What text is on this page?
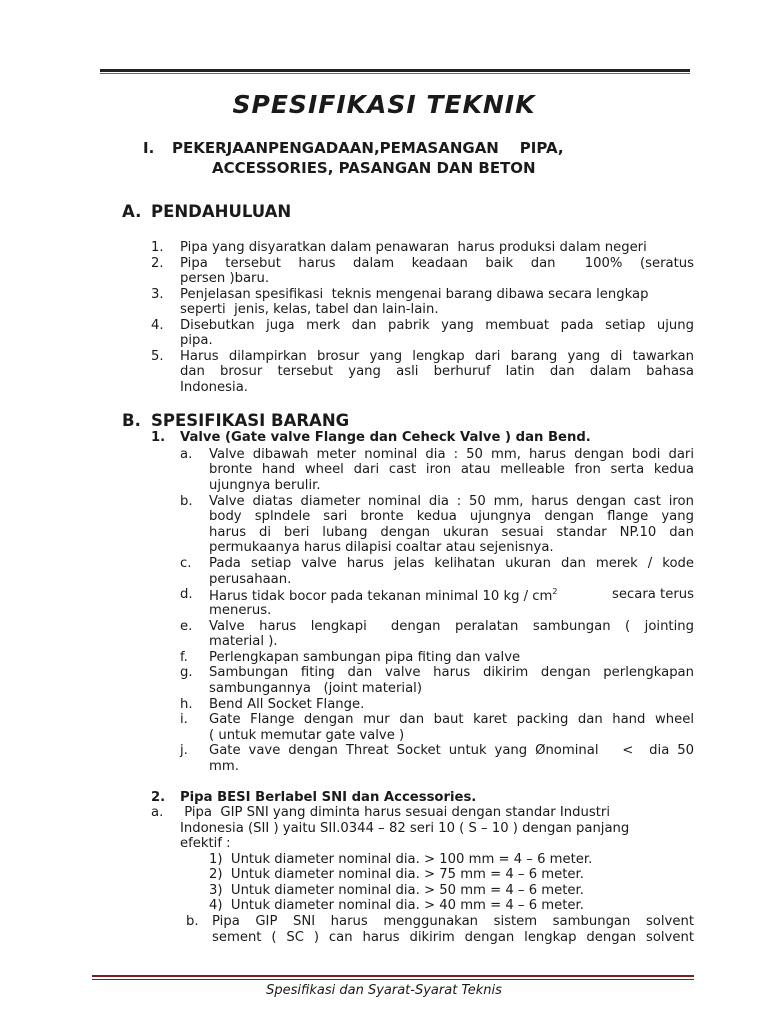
SPESIFIKASI TEKNIK
I. PEKERJAANPENGADAAN,PEMASANGAN    PIPA,
ACCESSORIES, PASANGAN DAN BETON
A. PENDAHULUAN
1. Pipa yang disyaratkan dalam penawaran  harus produksi dalam negeri
2. Pipa   tersebut   harus   dalam   keadaan   baik   dan     100%   (seratus
persen )baru.
3. Penjelasan spesifikasi  teknis mengenai barang dibawa secara lengkap
seperti  jenis, kelas, tabel dan lain-lain.
4. Disebutkan juga merk dan pabrik yang membuat pada setiap ujung
pipa.
5. Harus dilampirkan brosur yang lengkap dari barang yang di tawarkan
dan  brosur  tersebut  yang  asli  berhuruf  latin  dan  dalam  bahasa
Indonesia.
B. SPESIFIKASI BARANG
1. Valve (Gate valve Flange dan Ceheck Valve ) dan Bend.
a. Valve dibawah meter nominal dia : 50 mm, harus dengan bodi dari
bronte hand wheel dari cast iron atau melleable fron serta kedua
ujungnya berulir.
b. Valve diatas diameter nominal dia : 50 mm, harus dengan cast iron
body  splndele  sari  bronte  kedua  ujungnya  dengan  flange  yang
harus  di  beri  lubang  dengan  ukuran  sesuai  standar  NP.10  dan
permukaanya harus dilapisi coaltar atau sejenisnya.
c. Pada setiap valve harus jelas kelihatan ukuran dan merek / kode
perusahaan.
d. Harus tidak bocor pada tekanan minimal 10 kg / $cm^2$	secara terus
menerus.
e. Valve   harus   lengkapi     dengan   peralatan   sambungan   (   jointing
material ).
f. Perlengkapan sambungan pipa fiting dan valve
g. Sambungan  fiting  dan  valve  harus  dikirim  dengan  perlengkapan
sambungannya   (joint material)
h. Bend All Socket Flange.
i. Gate Flange dengan mur dan baut karet packing dan hand wheel
( untuk memutar gate valve )
j. Gate vave dengan Threat Socket untuk yang Ønominal   <  dia 50
mm.
2. Pipa BESI Berlabel SNI dan Accessories.
a. Pipa  GIP SNI yang diminta harus sesuai dengan standar Industri
Indonesia (SII ) yaitu SII.0344 – 82 seri 10 ( S – 10 ) dengan panjang
efektif :
1)  Untuk diameter nominal dia. > 100 mm = 4 – 6 meter.
2)  Untuk diameter nominal dia. > 75 mm = 4 – 6 meter.
3)  Untuk diameter nominal dia. > 50 mm = 4 – 6 meter.
4)  Untuk diameter nominal dia. > 40 mm = 4 – 6 meter.
b. Pipa  GIP  SNI  harus  menggunakan  sistem  sambungan  solvent
sement  (  SC  )  can  harus  dikirim  dengan  lengkap  dengan  solvent
Spesifikasi dan Syarat-Syarat Teknis
